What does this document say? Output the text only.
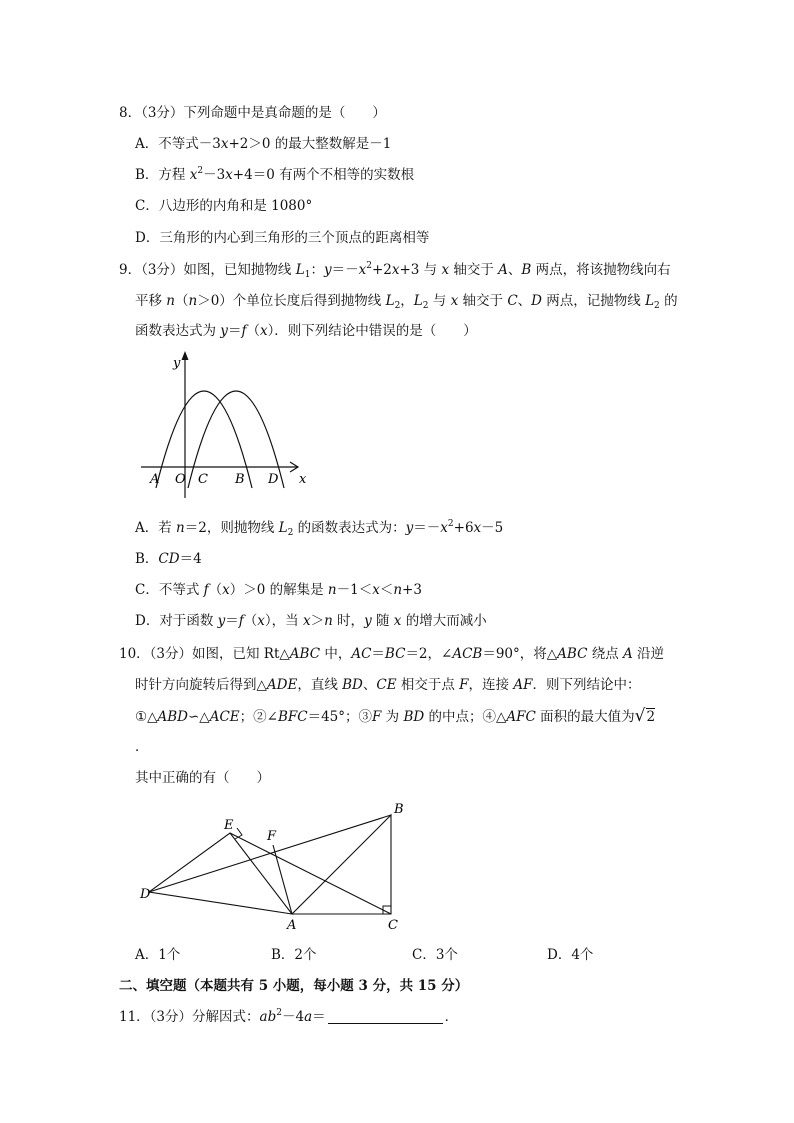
8．（3分）下列命题中是真命题的是（　　）
A．不等式－3x+2＞0 的最大整数解是－1
B．方程 $x^2-3x+4=0$ 有两个不相等的实数根
C．八边形的内角和是 1080°
D．三角形的内心到三角形的三个顶点的距离相等
9．（3分）如图，已知抛物线 $L_1$：$y=-x^2+2x+3$ 与 x 轴交于 A、B 两点，将该抛物线向右
平移 n（n＞0）个单位长度后得到抛物线 $L_2$，$L_2$ 与 x 轴交于 C、D 两点，记抛物线 $L_2$ 的
函数表达式为 y＝f（x）．则下列结论中错误的是（　　）
y
A O C B D x
A．若 n＝2，则抛物线 $L_2$ 的函数表达式为：$y=-x^2+6x-5$
B．CD＝4
C．不等式 f（x）＞0 的解集是 n－1＜x＜n+3
D．对于函数 y＝f（x），当 x＞n 时，y 随 x 的增大而减小
10．（3分）如图，已知 Rt△ABC 中，AC＝BC＝2，∠ACB＝90°，将△ABC 绕点 A 沿逆
时针方向旋转后得到△ADE，直线 BD、CE 相交于点 F，连接 AF．则下列结论中：
①△ABD∽△ACE；②∠BFC＝45°；③F 为 BD 的中点；④△AFC 面积的最大值为√2
．
其中正确的有（　　）
E
F
B
D
A	C
A．1个	B．2个	C．3个	D．4个
二、填空题（本题共有 5 小题，每小题 3 分，共 15 分）
11．（3分）分解因式：$ab^2-4a=$	．
